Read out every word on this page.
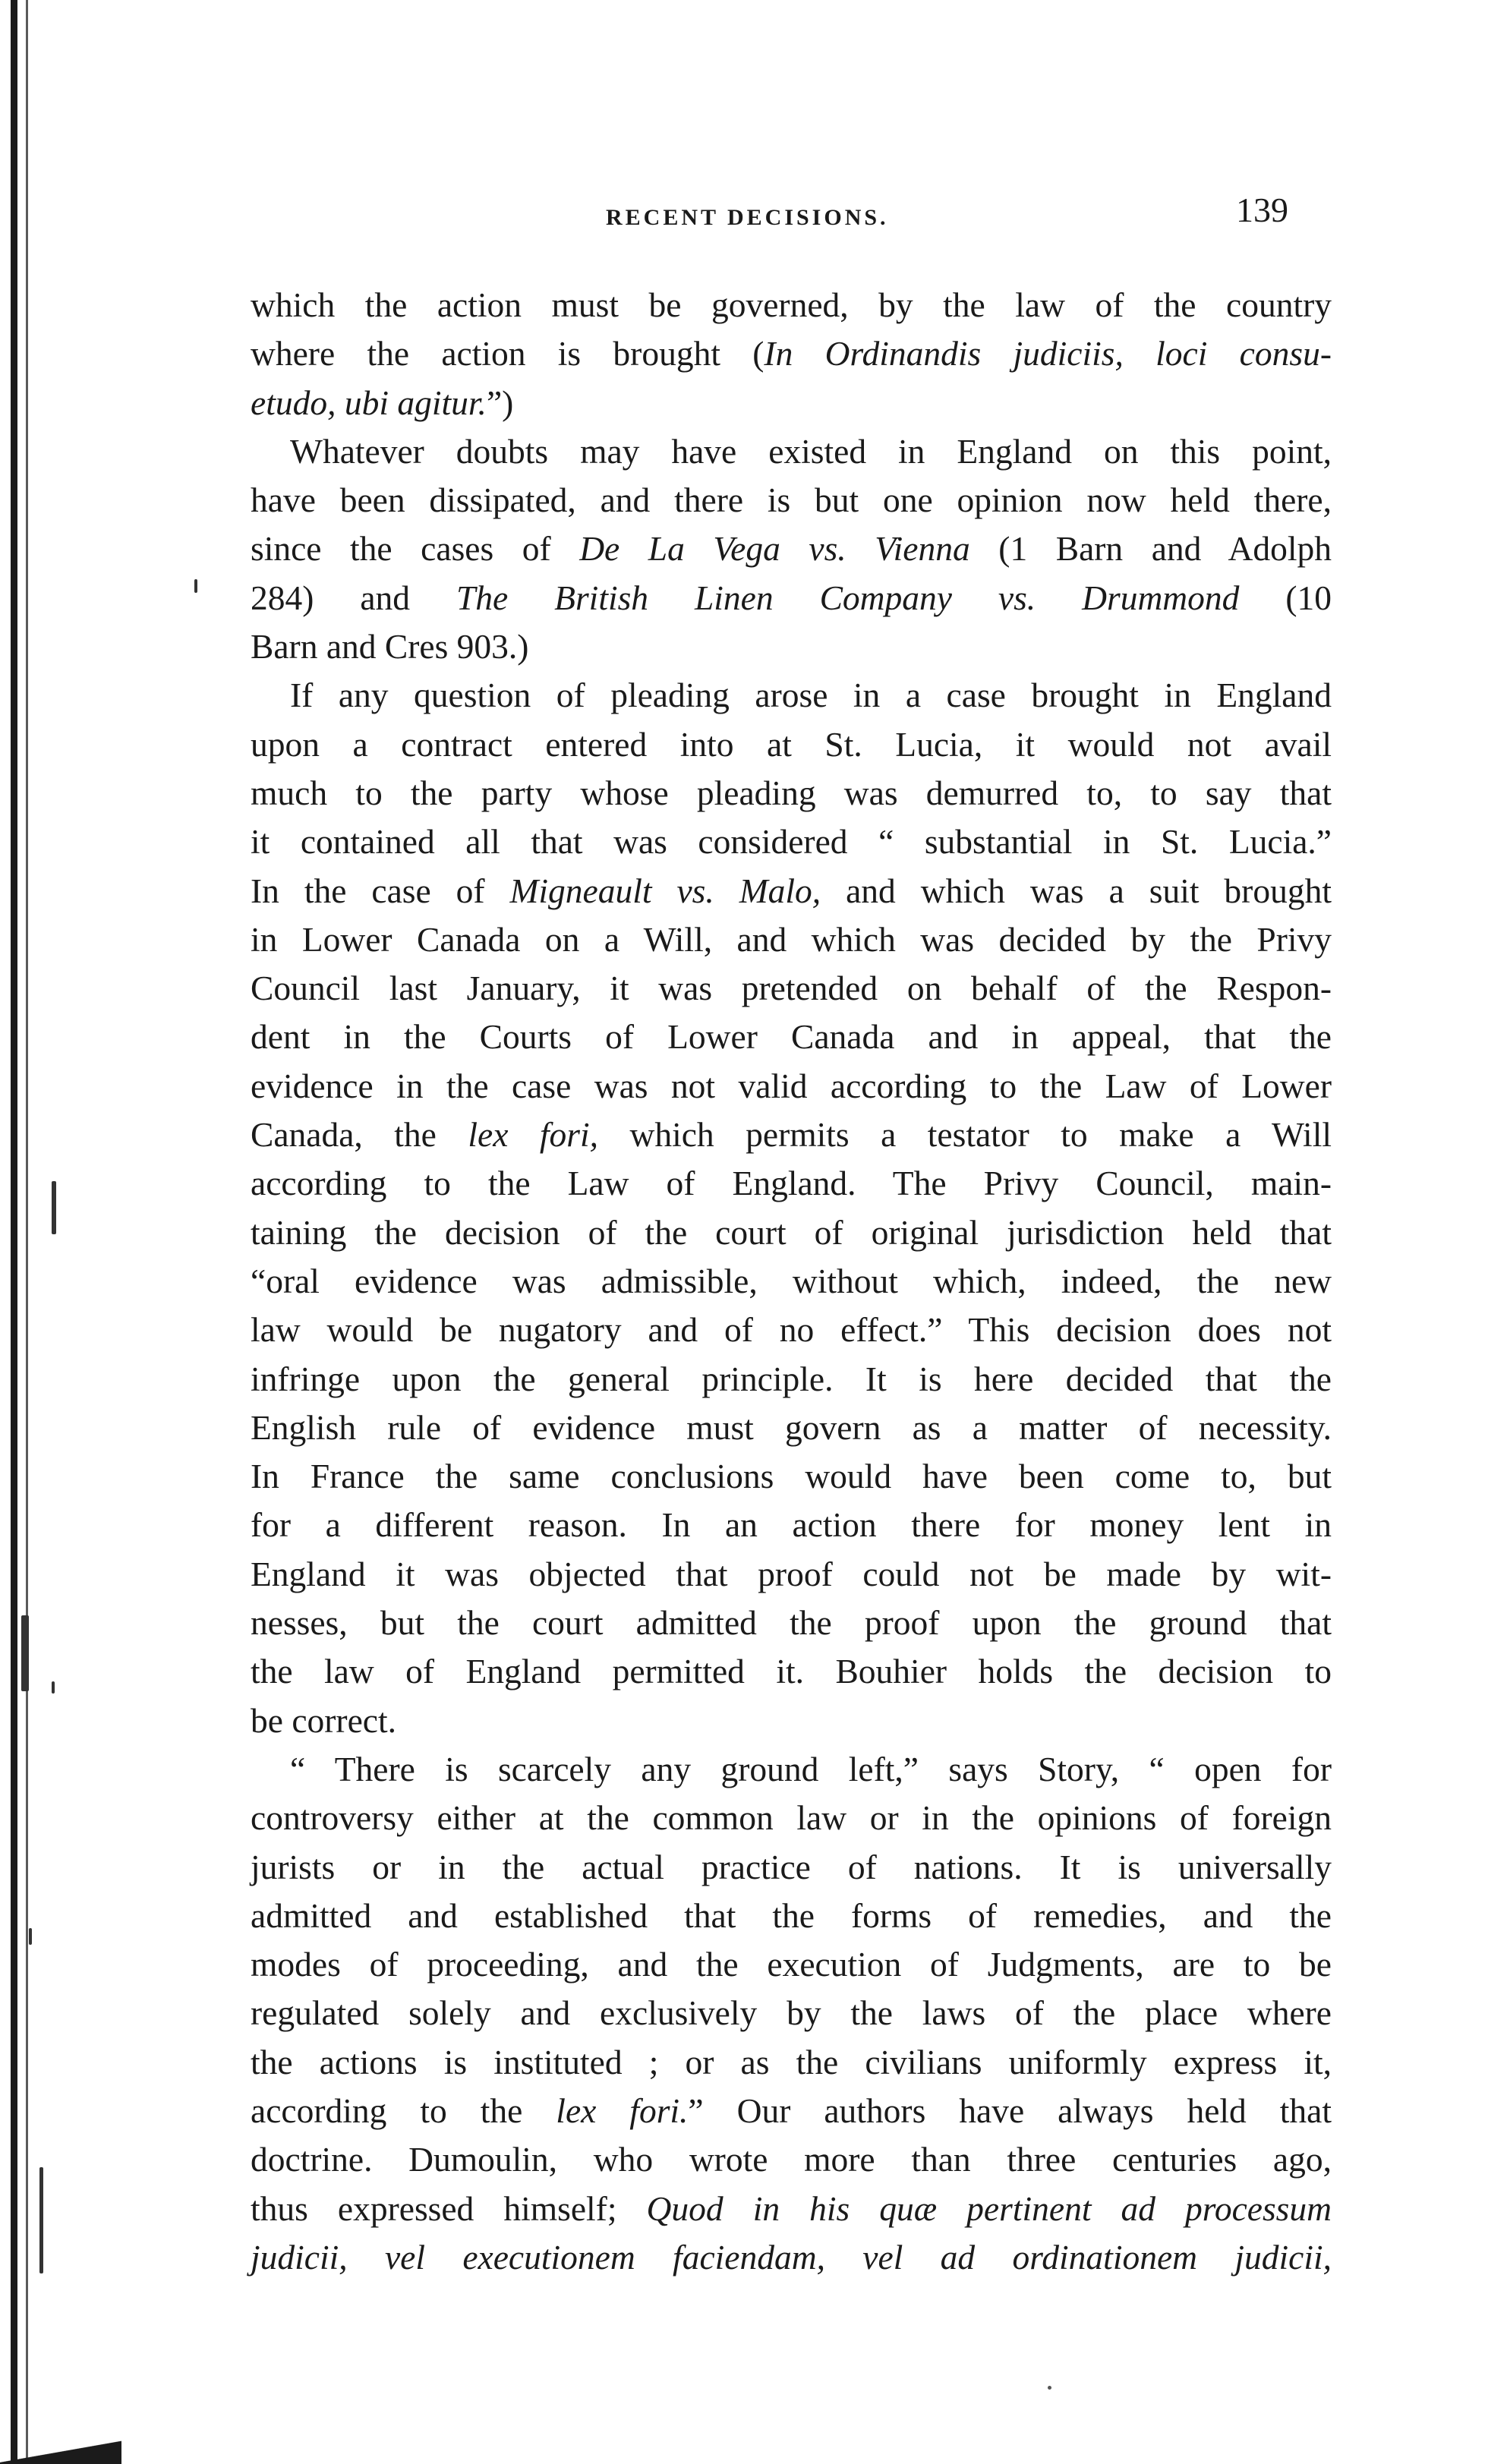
RECENT DECISIONS.	139
which the action must be governed, by the law of the country
where the action is brought (In Ordinandis judiciis, loci consu-
etudo, ubi agitur.”)
Whatever doubts may have existed in England on this point,
have been dissipated, and there is but one opinion now held there,
since the cases of De La Vega vs. Vienna (1 Barn and Adolph
284) and The British Linen Company vs. Drummond (10
Barn and Cres 903.)
If any question of pleading arose in a case brought in England
upon a contract entered into at St. Lucia, it would not avail
much to the party whose pleading was demurred to, to say that
it contained all that was considered “ substantial in St. Lucia.”
In the case of Migneault vs. Malo, and which was a suit brought
in Lower Canada on a Will, and which was decided by the Privy
Council last January, it was pretended on behalf of the Respon-
dent in the Courts of Lower Canada and in appeal, that the
evidence in the case was not valid according to the Law of Lower
Canada, the lex fori, which permits a testator to make a Will
according to the Law of England. The Privy Council, main-
taining the decision of the court of original jurisdiction held that
“oral evidence was admissible, without which, indeed, the new
law would be nugatory and of no effect.” This decision does not
infringe upon the general principle. It is here decided that the
English rule of evidence must govern as a matter of necessity.
In France the same conclusions would have been come to, but
for a different reason. In an action there for money lent in
England it was objected that proof could not be made by wit-
nesses, but the court admitted the proof upon the ground that
the law of England permitted it. Bouhier holds the decision to
be correct.
“ There is scarcely any ground left,” says Story, “ open for
controversy either at the common law or in the opinions of foreign
jurists or in the actual practice of nations. It is universally
admitted and established that the forms of remedies, and the
modes of proceeding, and the execution of Judgments, are to be
regulated solely and exclusively by the laws of the place where
the actions is instituted ; or as the civilians uniformly express it,
according to the lex fori.” Our authors have always held that
doctrine. Dumoulin, who wrote more than three centuries ago,
thus expressed himself; Quod in his quæ pertinent ad processum
judicii, vel executionem faciendam, vel ad ordinationem judicii,
